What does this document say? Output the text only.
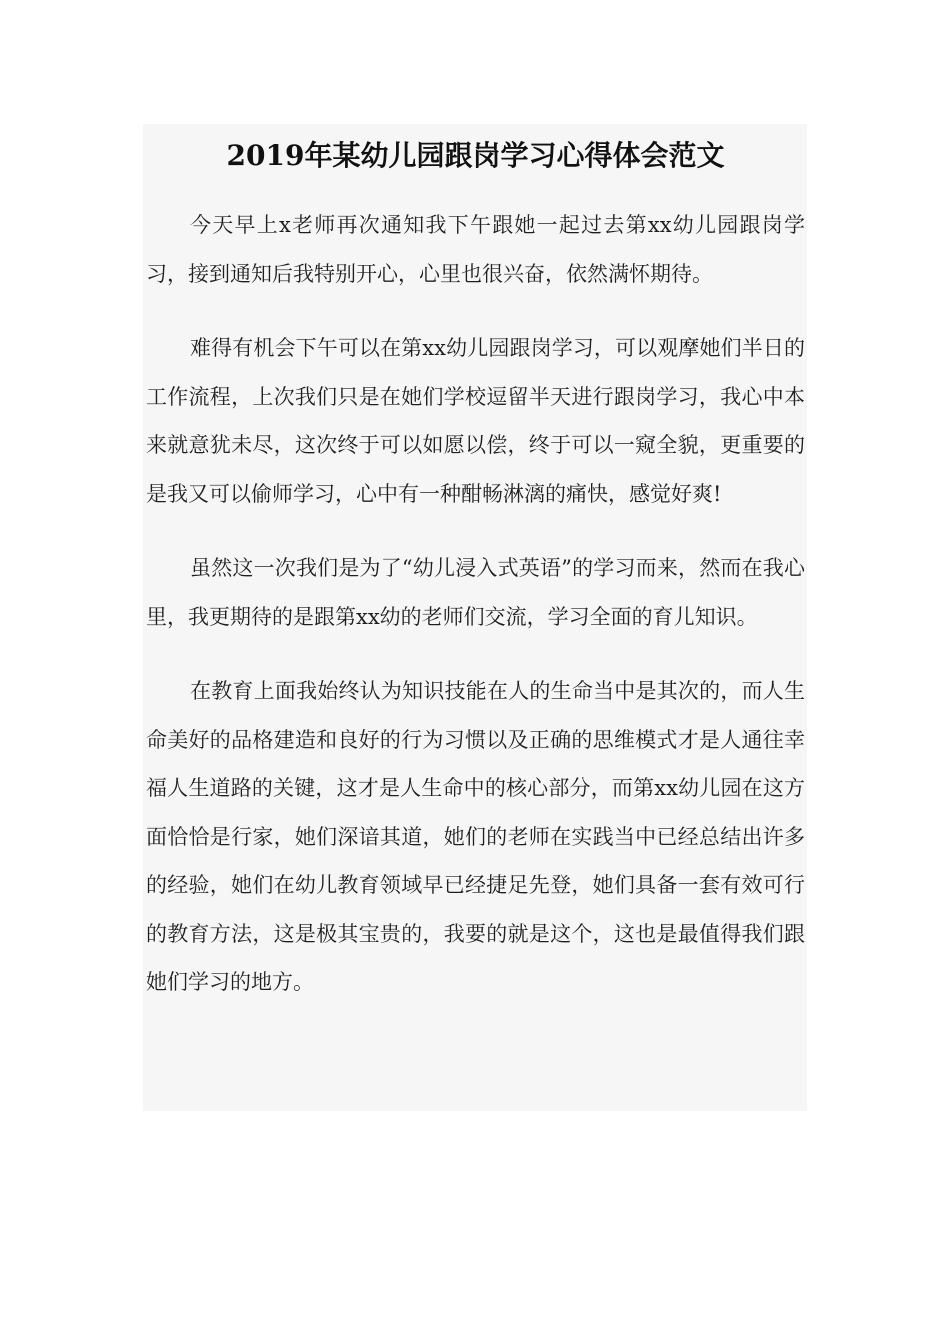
2019年某幼儿园跟岗学习心得体会范文

今天早上x老师再次通知我下午跟她一起过去第xx幼儿园跟岗学习，接到通知后我特别开心，心里也很兴奋，依然满怀期待。

难得有机会下午可以在第xx幼儿园跟岗学习，可以观摩她们半日的工作流程，上次我们只是在她们学校逗留半天进行跟岗学习，我心中本来就意犹未尽，这次终于可以如愿以偿，终于可以一窥全貌，更重要的是我又可以偷师学习，心中有一种酣畅淋漓的痛快，感觉好爽!

虽然这一次我们是为了“幼儿浸入式英语”的学习而来，然而在我心里，我更期待的是跟第xx幼的老师们交流，学习全面的育儿知识。

在教育上面我始终认为知识技能在人的生命当中是其次的，而人生命美好的品格建造和良好的行为习惯以及正确的思维模式才是人通往幸福人生道路的关键，这才是人生命中的核心部分，而第xx幼儿园在这方面恰恰是行家，她们深谙其道，她们的老师在实践当中已经总结出许多的经验，她们在幼儿教育领域早已经捷足先登，她们具备一套有效可行的教育方法，这是极其宝贵的，我要的就是这个，这也是最值得我们跟她们学习的地方。
